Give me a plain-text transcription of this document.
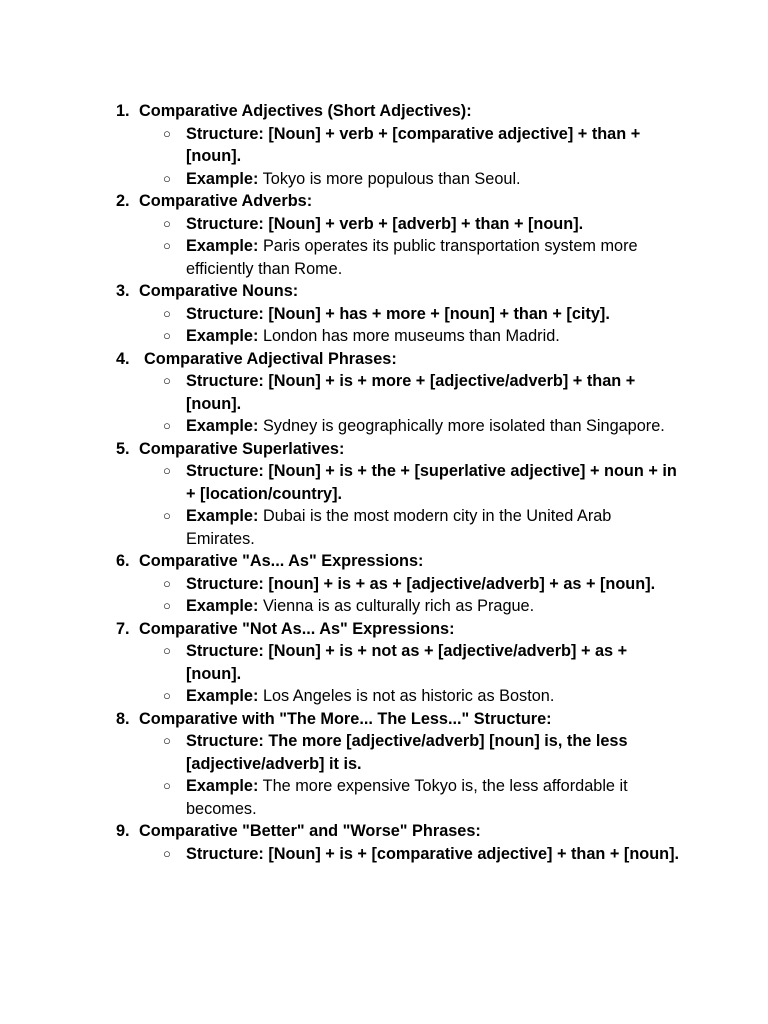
1. Comparative Adjectives (Short Adjectives):
○ Structure: [Noun] + verb + [comparative adjective] + than + [noun].
○ Example: Tokyo is more populous than Seoul.
2. Comparative Adverbs:
○ Structure: [Noun] + verb + [adverb] + than + [noun].
○ Example: Paris operates its public transportation system more efficiently than Rome.
3. Comparative Nouns:
○ Structure: [Noun] + has + more + [noun] + than + [city].
○ Example: London has more museums than Madrid.
4. Comparative Adjectival Phrases:
○ Structure: [Noun] + is + more + [adjective/adverb] + than + [noun].
○ Example: Sydney is geographically more isolated than Singapore.
5. Comparative Superlatives:
○ Structure: [Noun] + is + the + [superlative adjective] + noun + in + [location/country].
○ Example: Dubai is the most modern city in the United Arab Emirates.
6. Comparative "As... As" Expressions:
○ Structure: [noun] + is + as + [adjective/adverb] + as + [noun].
○ Example: Vienna is as culturally rich as Prague.
7. Comparative "Not As... As" Expressions:
○ Structure: [Noun] + is + not as + [adjective/adverb] + as + [noun].
○ Example: Los Angeles is not as historic as Boston.
8. Comparative with "The More... The Less..." Structure:
○ Structure: The more [adjective/adverb] [noun] is, the less [adjective/adverb] it is.
○ Example: The more expensive Tokyo is, the less affordable it becomes.
9. Comparative "Better" and "Worse" Phrases:
○ Structure: [Noun] + is + [comparative adjective] + than + [noun].
